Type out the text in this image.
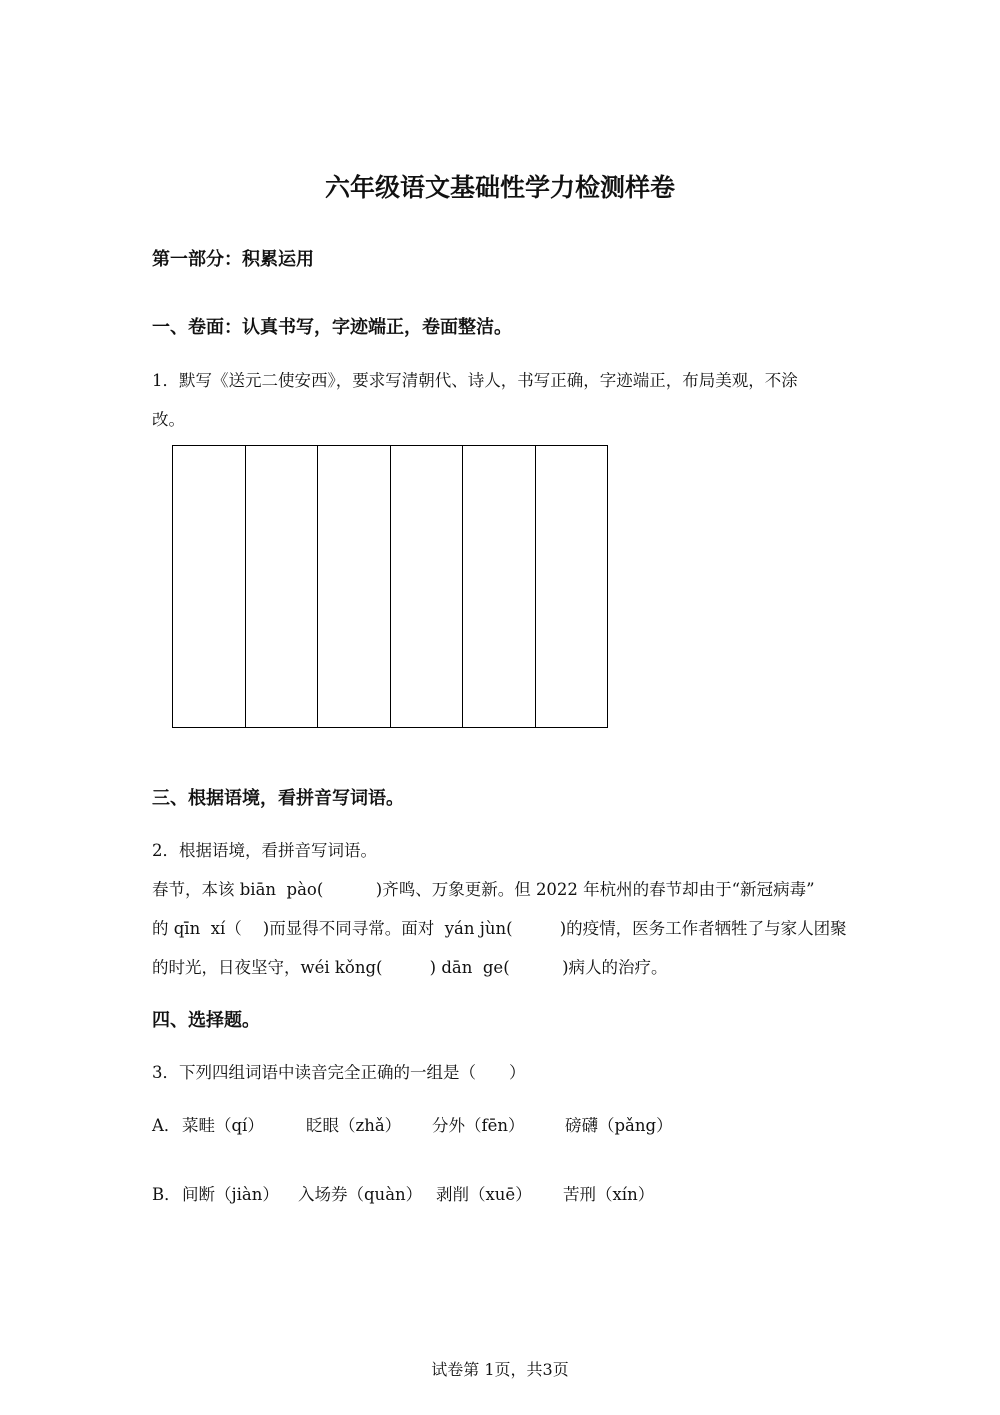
六年级语文基础性学力检测样卷
第一部分：积累运用
一、卷面：认真书写，字迹端正，卷面整洁。
1．默写《送元二使安西》，要求写清朝代、诗人，书写正确，字迹端正，布局美观，不涂
改。
三、根据语境，看拼音写词语。
2．根据语境，看拼音写词语。
春节，本该 biān  pào(          )齐鸣、万象更新。但 2022 年杭州的春节却由于“新冠病毒”
的 qīn  xí（    )而显得不同寻常。面对  yán jùn(         )的疫情，医务工作者牺牲了与家人团聚
的时光，日夜坚守，wéi kǒng(         ) dān  ge(          )病人的治疗。
四、选择题。
3．下列四组词语中读音完全正确的一组是（　　）
A． 菜畦（qí）	眨眼（zhǎ） 分外（fēn） 磅礴（pǎng）
B． 间断（jiàn） 入场券（quàn） 剥削（xuē） 苦刑（xín）
试卷第 1页，共3页
